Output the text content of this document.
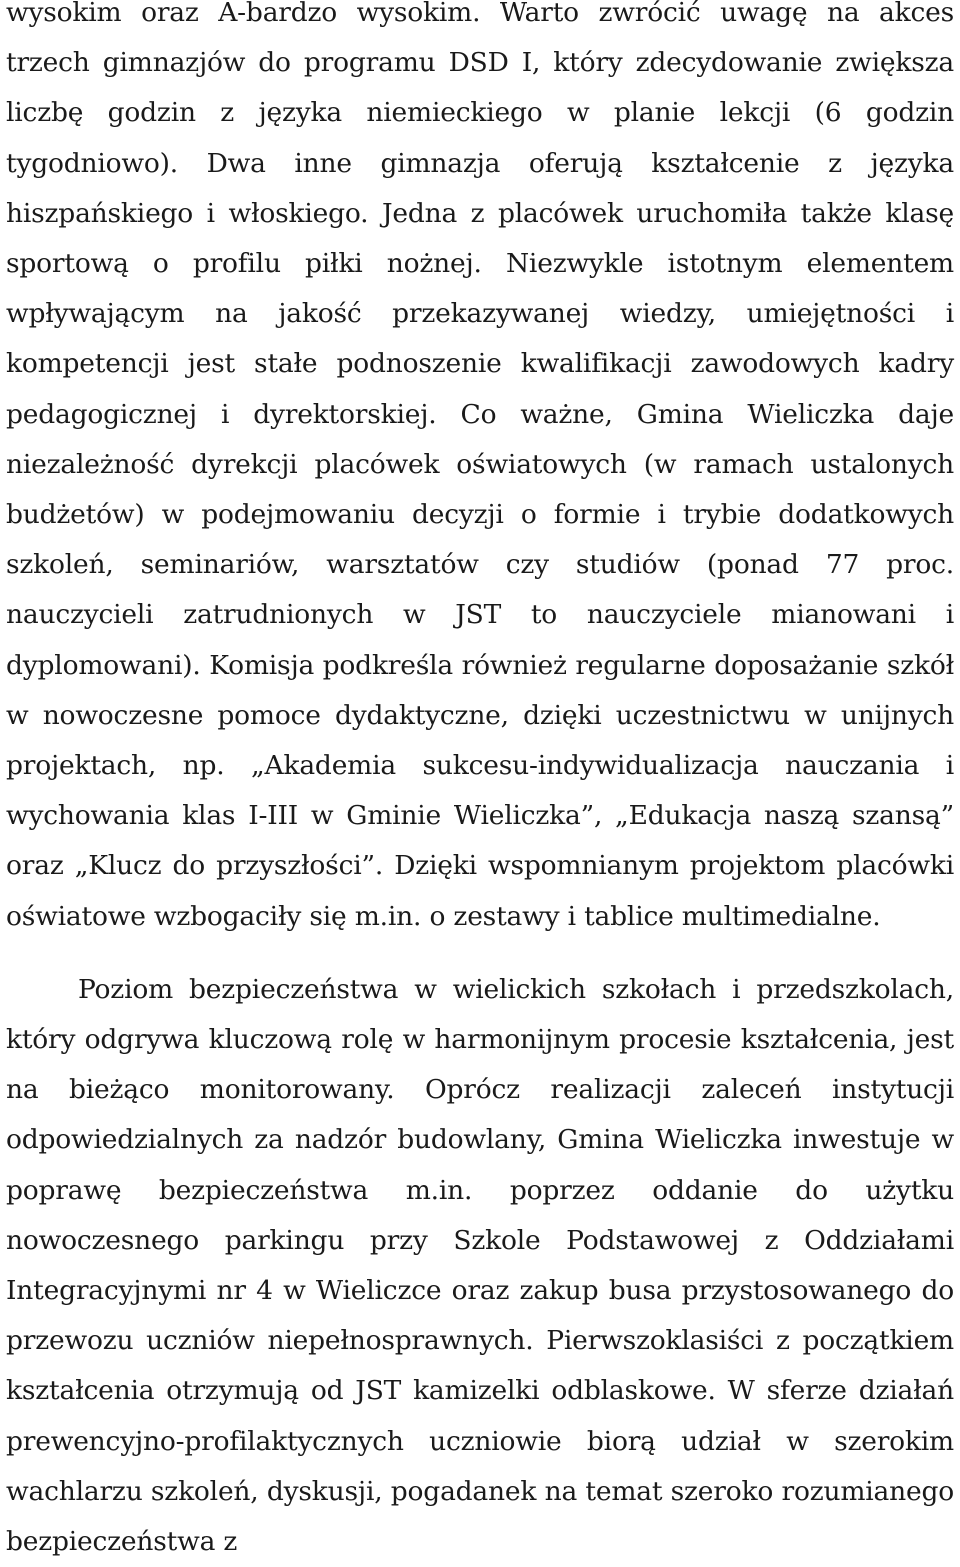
wysokim oraz A-bardzo wysokim. Warto zwrócić uwagę na akces trzech gimnazjów do programu DSD I, który zdecydowanie zwiększa liczbę godzin z języka niemieckiego w planie lekcji (6 godzin tygodniowo). Dwa inne gimnazja oferują kształcenie z języka hiszpańskiego i włoskiego. Jedna z placówek uruchomiła także klasę sportową o profilu piłki nożnej. Niezwykle istotnym elementem wpływającym na jakość przekazywanej wiedzy, umiejętności i kompetencji jest stałe podnoszenie kwalifikacji zawodowych kadry pedagogicznej i dyrektorskiej. Co ważne, Gmina Wieliczka daje niezależność dyrekcji placówek oświatowych (w ramach ustalonych budżetów) w podejmowaniu decyzji o formie i trybie dodatkowych szkoleń, seminariów, warsztatów czy studiów (ponad 77 proc. nauczycieli zatrudnionych w JST to nauczyciele mianowani i dyplomowani). Komisja podkreśla również regularne doposażanie szkół w nowoczesne pomoce dydaktyczne, dzięki uczestnictwu w unijnych projektach, np. „Akademia sukcesu-indywidualizacja nauczania i wychowania klas I-III w Gminie Wieliczka”, „Edukacja naszą szansą” oraz „Klucz do przyszłości”. Dzięki wspomnianym projektom placówki oświatowe wzbogaciły się m.in. o zestawy i tablice multimedialne.

Poziom bezpieczeństwa w wielickich szkołach i przedszkolach, który odgrywa kluczową rolę w harmonijnym procesie kształcenia, jest na bieżąco monitorowany. Oprócz realizacji zaleceń instytucji odpowiedzialnych za nadzór budowlany, Gmina Wieliczka inwestuje w poprawę bezpieczeństwa m.in. poprzez oddanie do użytku nowoczesnego parkingu przy Szkole Podstawowej z Oddziałami Integracyjnymi nr 4 w Wieliczce oraz zakup busa przystosowanego do przewozu uczniów niepełnosprawnych. Pierwszoklasiści z początkiem kształcenia otrzymują od JST kamizelki odblaskowe. W sferze działań prewencyjno-profilaktycznych uczniowie biorą udział w szerokim wachlarzu szkoleń, dyskusji, pogadanek na temat szeroko rozumianego bezpieczeństwa z
